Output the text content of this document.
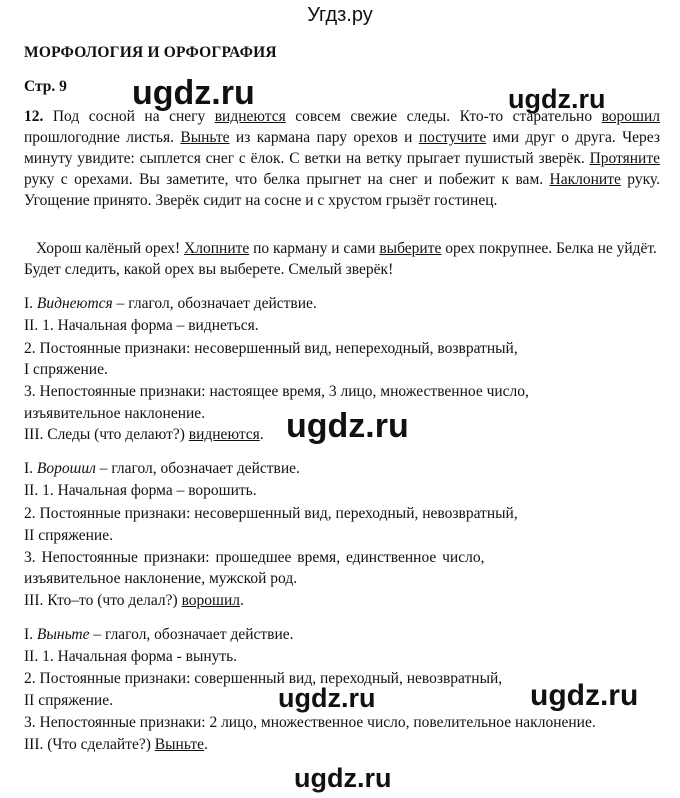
Угдз.ру
МОРФОЛОГИЯ И ОРФОГРАФИЯ
Стр. 9
12. Под сосной на снегу виднеются совсем свежие следы. Кто-то старательно ворошил прошлогодние листья. Выньте из кармана пару орехов и постучите ими друг о друга. Через минуту увидите: сыплется снег с ёлок. С ветки на ветку прыгает пушистый зверёк. Протяните руку с орехами. Вы заметите, что белка прыгнет на снег и побежит к вам. Наклоните руку. Угощение принято. Зверёк сидит на сосне и с хрустом грызёт гостинец.
Хорош калёный орех! Хлопните по карману и сами выберите орех покрупнее. Белка не уйдёт. Будет следить, какой орех вы выберете. Смелый зверёк!
I. Виднеются – глагол, обозначает действие.
II. 1. Начальная форма – виднеться.
2. Постоянные признаки: несовершенный вид, непереходный, возвратный,
I спряжение.
3. Непостоянные признаки: настоящее время, 3 лицо, множественное число,
изъявительное наклонение.
III. Следы (что делают?) виднеются.
I. Ворошил – глагол, обозначает действие.
II. 1. Начальная форма – ворошить.
2. Постоянные признаки: несовершенный вид, переходный, невозвратный,
II спряжение.
3. Непостоянные признаки: прошедшее время, единственное число,
изъявительное наклонение, мужской род.
III. Кто–то (что делал?) ворошил.
I. Выньте – глагол, обозначает действие.
II. 1. Начальная форма - вынуть.
2. Постоянные признаки: совершенный вид, переходный, невозвратный,
II спряжение.
3. Непостоянные признаки: 2 лицо, множественное число, повелительное наклонение.
III. (Что сделайте?) Выньте.
ugdz.ru	ugdz.ru
ugdz.ru
ugdz.ru	ugdz.ru
ugdz.ru
